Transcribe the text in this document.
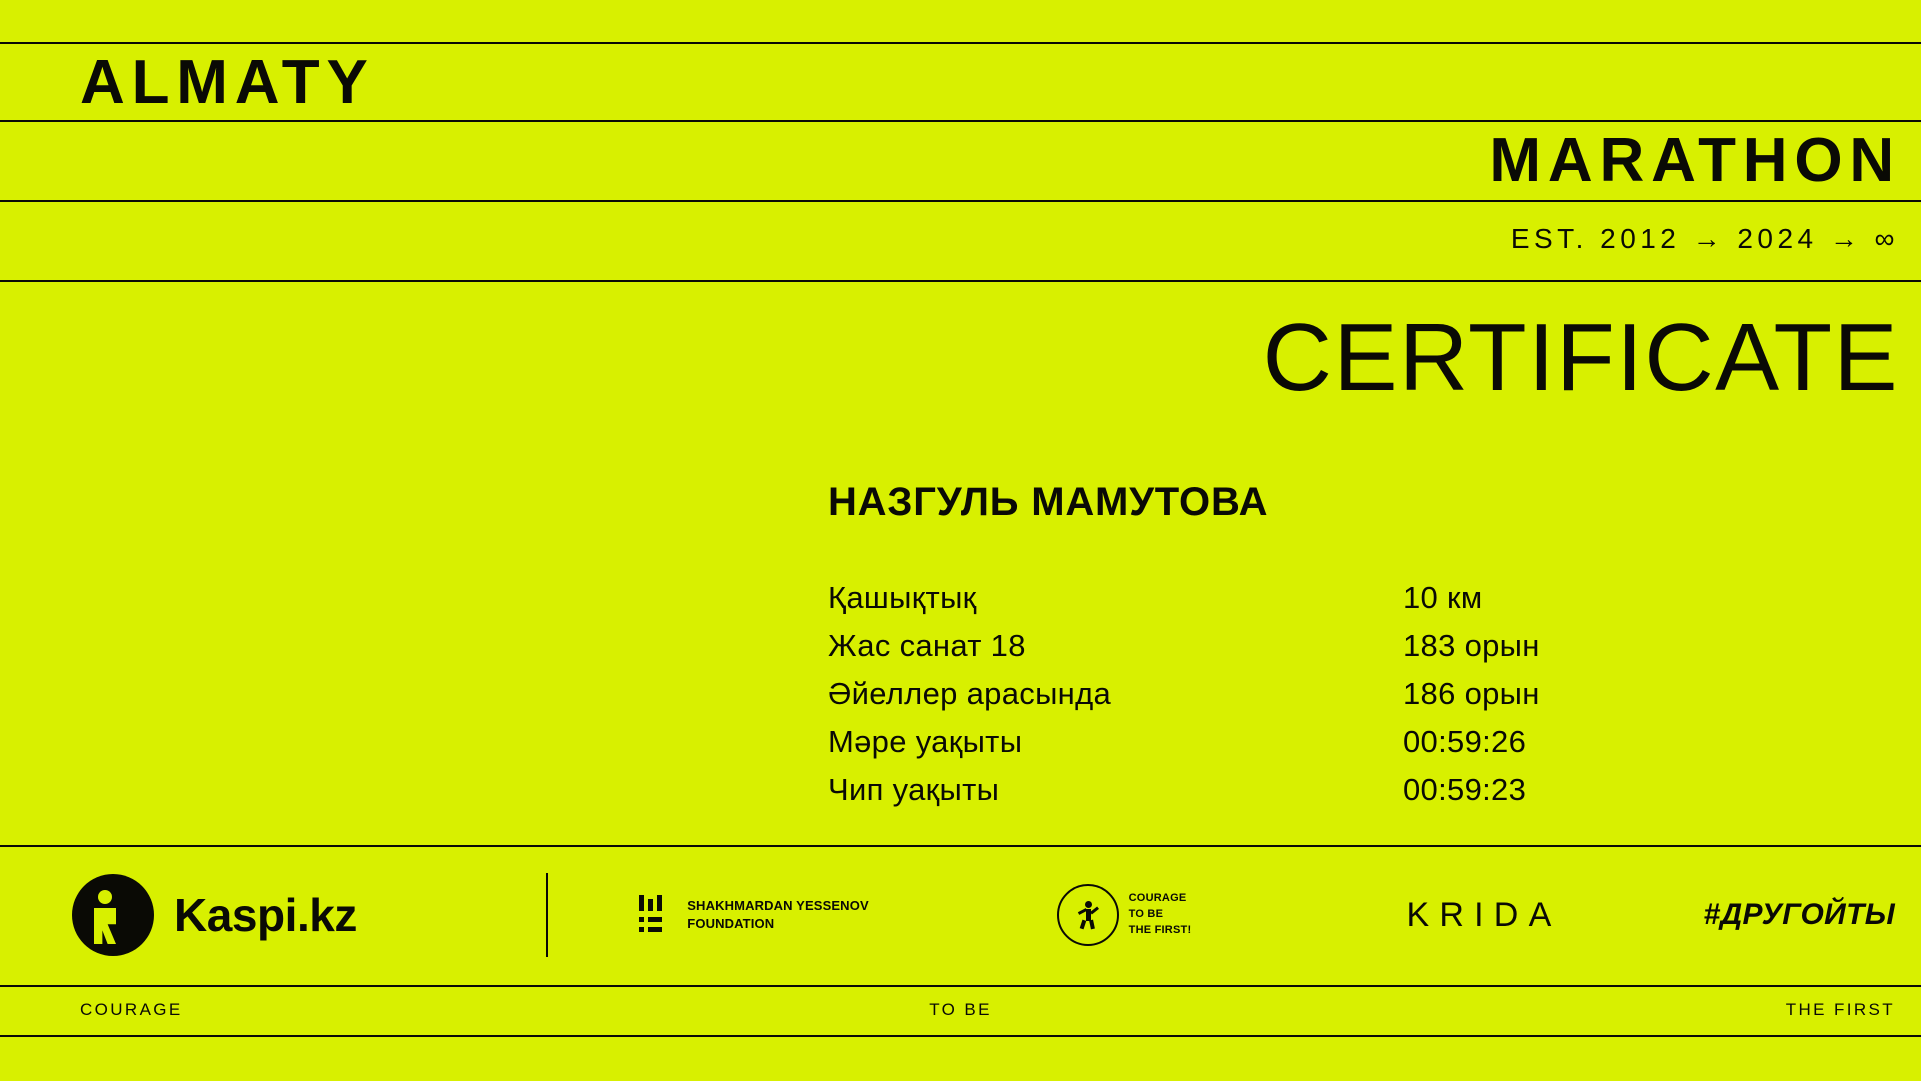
ALMATY
MARATHON
EST. 2012 → 2024 → ∞
CERTIFICATE
НАЗГУЛЬ МАМУТОВА
Қашықтық	10 км
Жас санат 18	183 орын
Әйеллер арасында	186 орын
Мәре уақыты	00:59:26
Чип уақыты	00:59:23
Kaspi.kz	SHAKHMARDAN YESSENOV
FOUNDATION
COURAGE
TO BE
THE FIRST!	KRIDA	#ДРУГОЙТЫ
COURAGE	TO BE	THE FIRST
